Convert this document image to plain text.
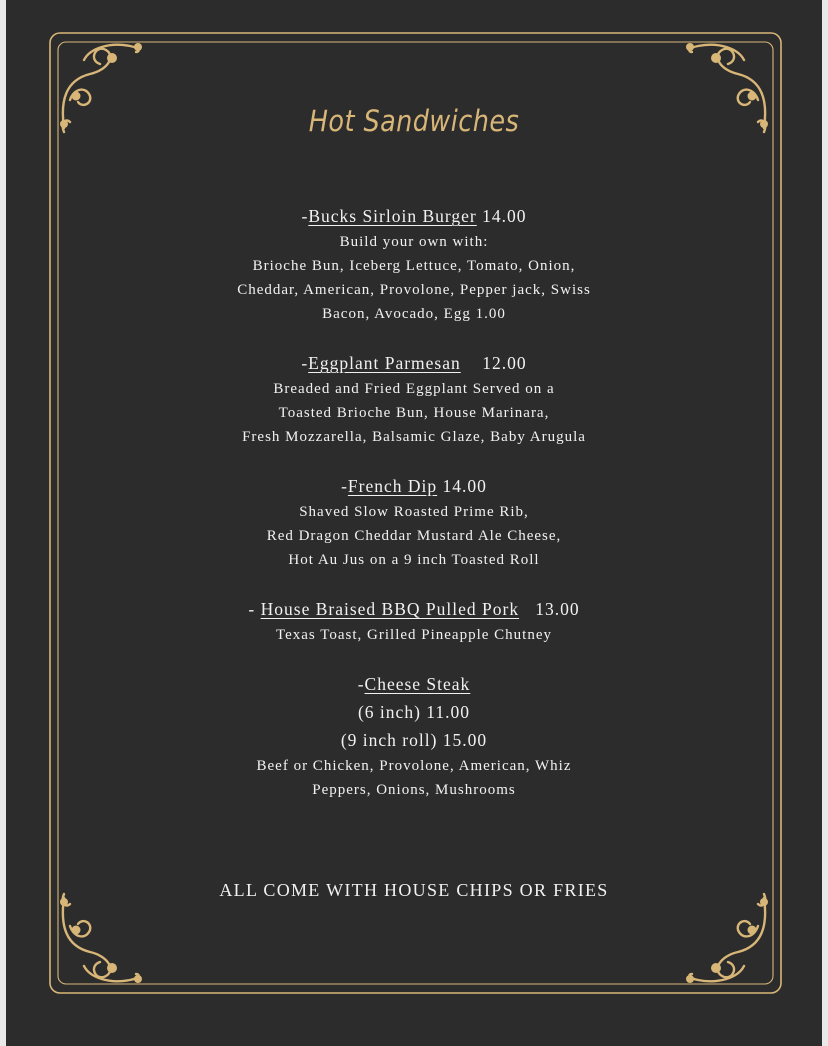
Hot Sandwiches
-Bucks Sirloin Burger 14.00
Build your own with:
Brioche Bun, Iceberg Lettuce, Tomato, Onion,
Cheddar, American, Provolone, Pepper jack, Swiss
Bacon, Avocado, Egg 1.00
-Eggplant Parmesan 12.00
Breaded and Fried Eggplant Served on a
Toasted Brioche Bun, House Marinara,
Fresh Mozzarella, Balsamic Glaze, Baby Arugula
-French Dip 14.00
Shaved Slow Roasted Prime Rib,
Red Dragon Cheddar Mustard Ale Cheese,
Hot Au Jus on a 9 inch Toasted Roll
- House Braised BBQ Pulled Pork 13.00
Texas Toast, Grilled Pineapple Chutney
-Cheese Steak
(6 inch) 11.00
(9 inch roll) 15.00
Beef or Chicken, Provolone, American, Whiz
Peppers, Onions, Mushrooms
ALL COME WITH HOUSE CHIPS OR FRIES
